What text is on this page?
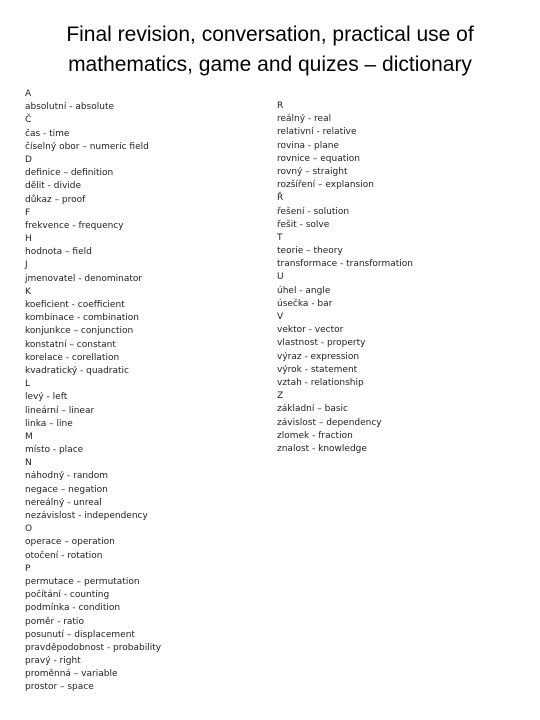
Final revision, conversation, practical use of
mathematics, game and quizes – dictionary
A
absolutní - absolute
Č
čas - time
číselný obor – numeric field
D
definice – definition
dělit - divide
důkaz – proof
F
frekvence - frequency
H
hodnota – field
J
jmenovatel - denominator
K
koeficient - coefficient
kombinace - combination
konjunkce – conjunction
konstatní – constant
korelace - corellation
kvadratický - quadratic
L
levý - left
lineární – linear
linka – line
M
místo - place
N
náhodný - random
negace – negation
nereálný - unreal
nezávislost - independency
O
operace – operation
otočení - rotation
P
permutace – permutation
počítání - counting
podmínka - condition
poměr - ratio
posunutí – displacement
pravděpodobnost - probability
pravý - right
proměnná – variable
prostor – space
R
reálný - real
relativní - relative
rovina - plane
rovnice – equation
rovný – straight
rozšíření – explansion
Ř
řešení - solution
řešit - solve
T
teorie – theory
transformace - transformation
U
úhel - angle
úsečka - bar
V
vektor - vector
vlastnost - property
výraz - expression
výrok - statement
vztah - relationship
Z
základní – basic
závislost – dependency
zlomek - fraction
znalost - knowledge
